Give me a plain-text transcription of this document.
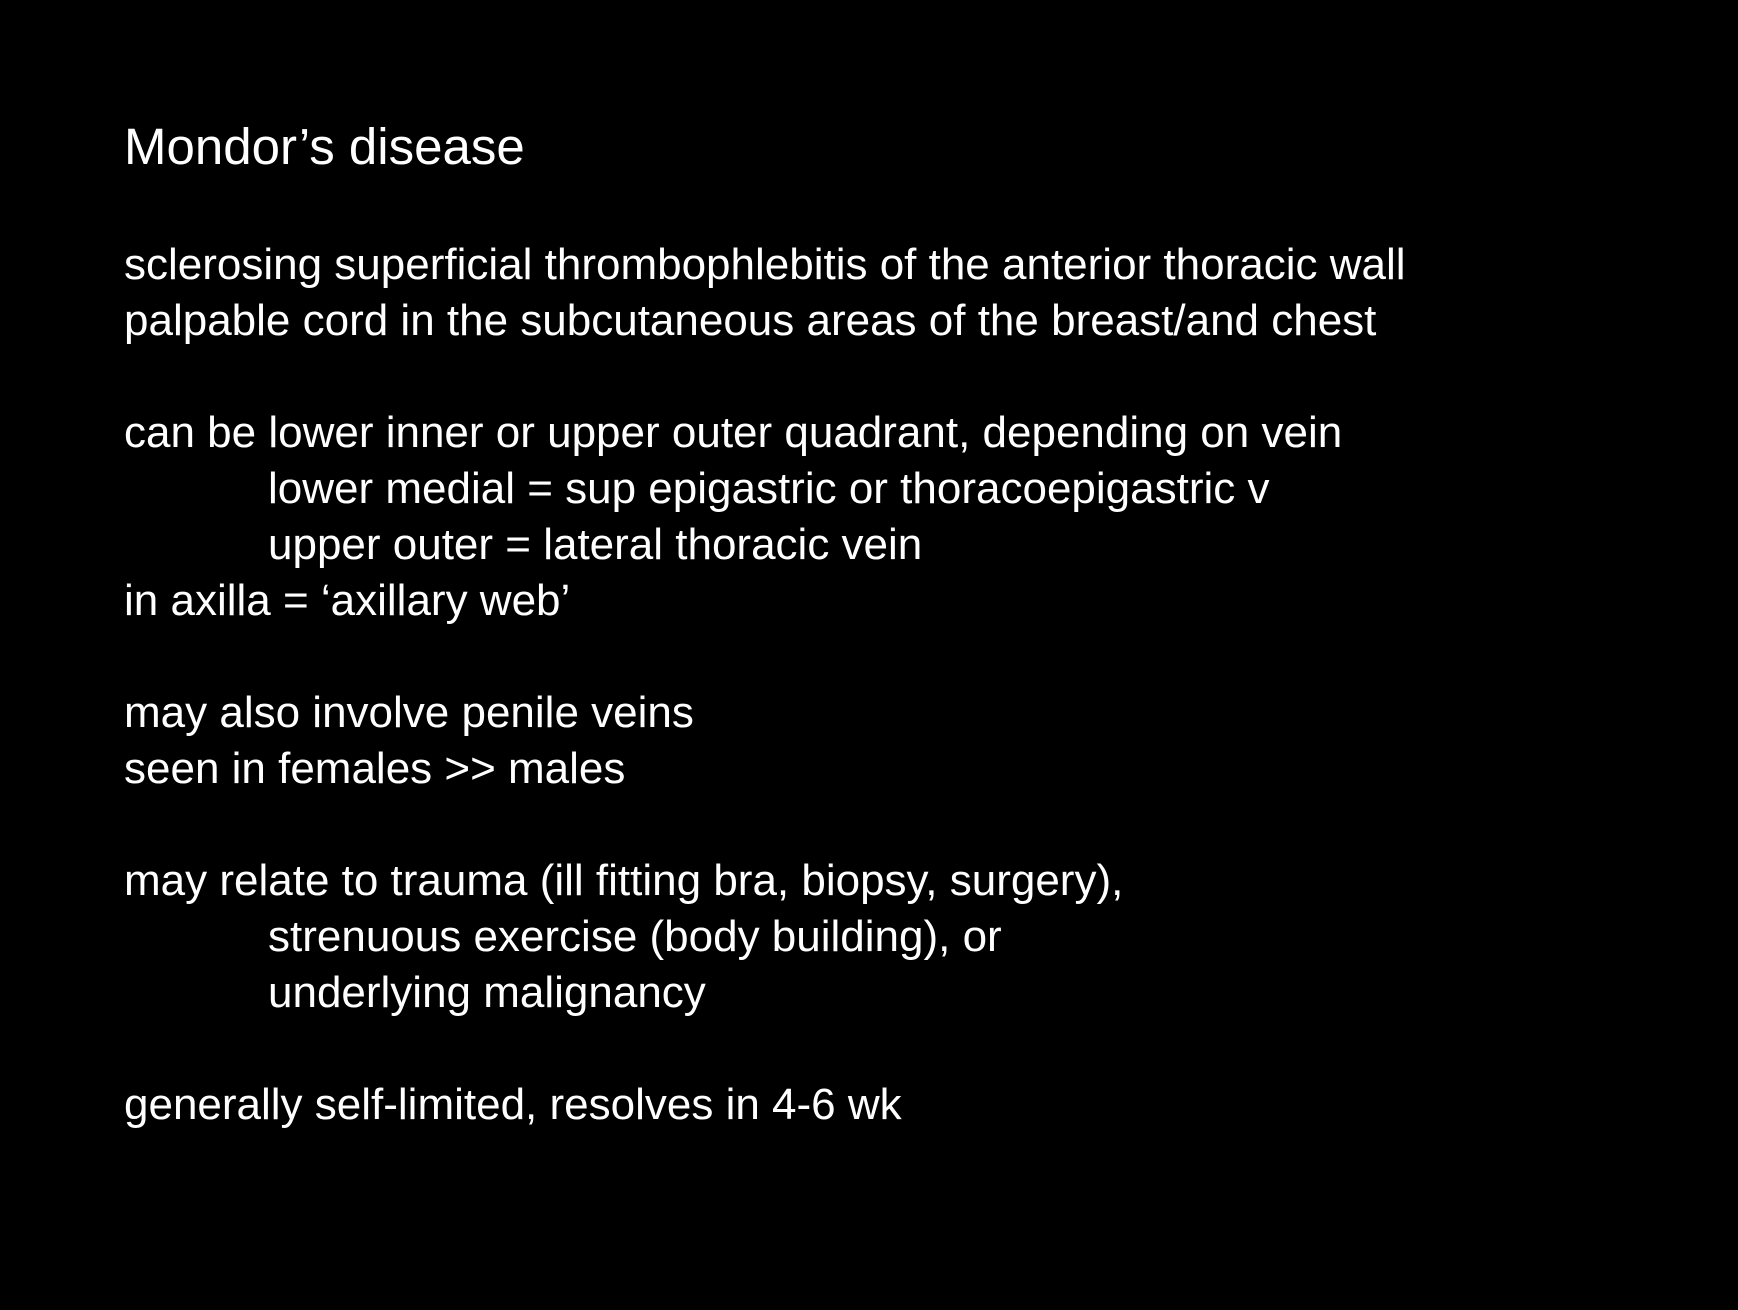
Mondor’s disease
sclerosing superficial thrombophlebitis of the anterior thoracic wall
palpable cord in the subcutaneous areas of the breast/and chest
can be lower inner or upper outer quadrant, depending on vein
lower medial = sup epigastric or thoracoepigastric v
upper outer = lateral thoracic vein
in axilla = ‘axillary web’
may also involve penile veins
seen in females >> males
may relate to trauma (ill fitting bra, biopsy, surgery),
strenuous exercise (body building), or
underlying malignancy
generally self-limited, resolves in 4-6 wk
